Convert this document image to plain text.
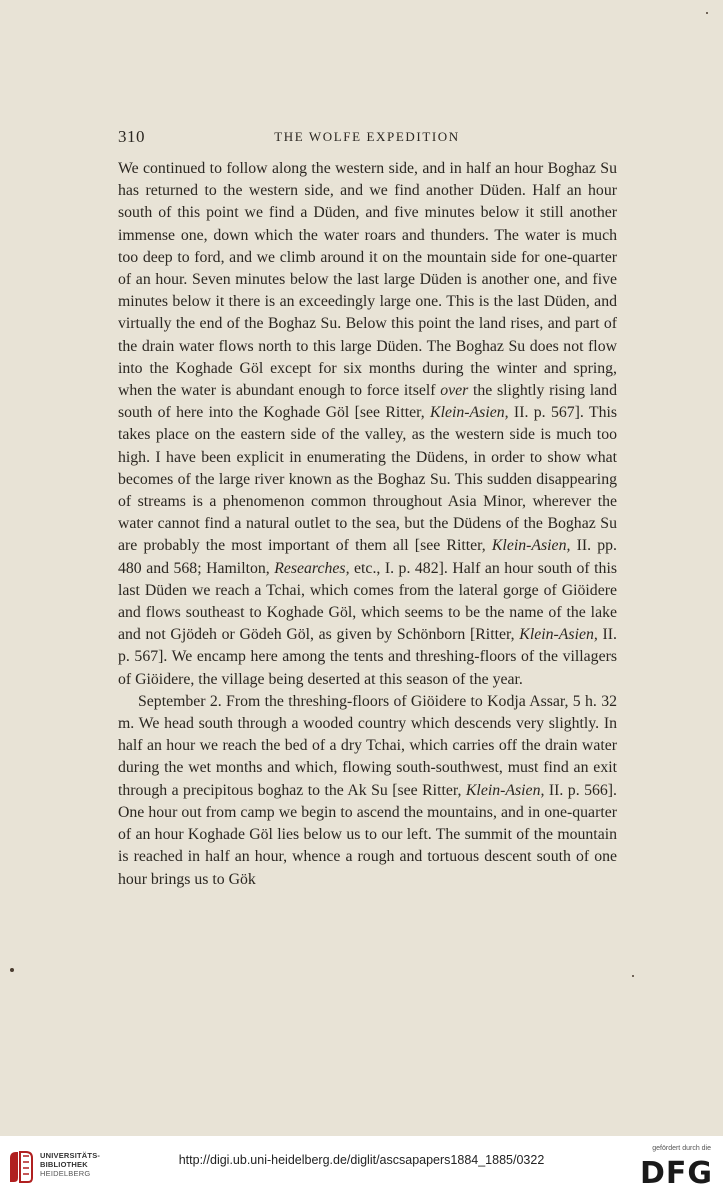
310	THE WOLFE EXPEDITION

We continued to follow along the western side, and in half an hour Boghaz Su has returned to the western side, and we find another Düden. Half an hour south of this point we find a Düden, and five minutes below it still another immense one, down which the water roars and thunders. The water is much too deep to ford, and we climb around it on the mountain side for one-quarter of an hour. Seven minutes below the last large Düden is another one, and five minutes below it there is an exceedingly large one. This is the last Düden, and virtually the end of the Boghaz Su. Below this point the land rises, and part of the drain water flows north to this large Düden. The Boghaz Su does not flow into the Koghade Göl except for six months during the winter and spring, when the water is abundant enough to force itself over the slightly rising land south of here into the Koghade Göl [see Ritter, Klein-Asien, II. p. 567]. This takes place on the eastern side of the valley, as the western side is much too high. I have been explicit in enumerating the Düdens, in order to show what becomes of the large river known as the Boghaz Su. This sudden disappearing of streams is a phenomenon common throughout Asia Minor, wherever the water cannot find a natural outlet to the sea, but the Düdens of the Boghaz Su are probably the most important of them all [see Ritter, Klein-Asien, II. pp. 480 and 568; Hamilton, Researches, etc., I. p. 482]. Half an hour south of this last Düden we reach a Tchai, which comes from the lateral gorge of Giöidere and flows southeast to Koghade Göl, which seems to be the name of the lake and not Gjödeh or Gödeh Göl, as given by Schönborn [Ritter, Klein-Asien, II. p. 567]. We encamp here among the tents and threshing-floors of the villagers of Giöidere, the village being deserted at this season of the year.

September 2. From the threshing-floors of Giöidere to Kodja Assar, 5 h. 32 m. We head south through a wooded country which descends very slightly. In half an hour we reach the bed of a dry Tchai, which carries off the drain water during the wet months and which, flowing south-southwest, must find an exit through a precipitous boghaz to the Ak Su [see Ritter, Klein-Asien, II. p. 566]. One hour out from camp we begin to ascend the mountains, and in one-quarter of an hour Koghade Göl lies below us to our left. The summit of the mountain is reached in half an hour, whence a rough and tortuous descent south of one hour brings us to Gök

UNIVERSITÄTS-
BIBLIOTHEK
HEIDELBERG
http://digi.ub.uni-heidelberg.de/diglit/ascsapapers1884_1885/0322
gefördert durch die
DFG
